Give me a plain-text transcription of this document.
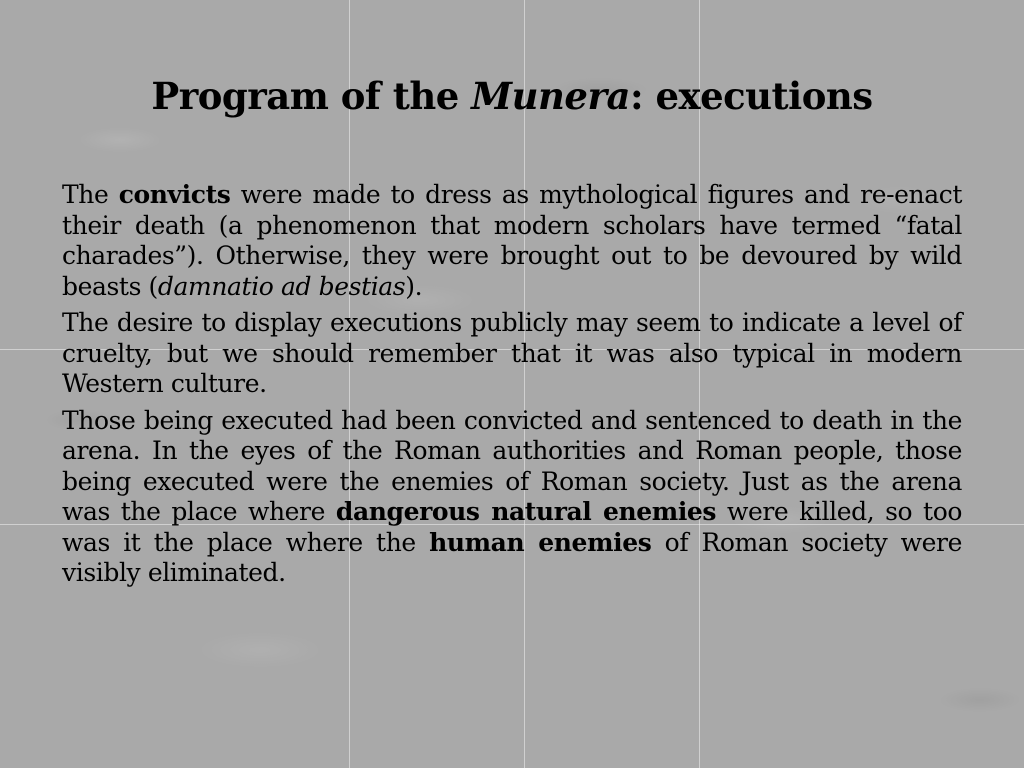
Program of the Munera: executions

The convicts were made to dress as mythological figures and re-enact their death (a phenomenon that modern scholars have termed “fatal charades”). Otherwise, they were brought out to be devoured by wild beasts (damnatio ad bestias).

The desire to display executions publicly may seem to indicate a level of cruelty, but we should remember that it was also typical in modern Western culture.

Those being executed had been convicted and sentenced to death in the arena. In the eyes of the Roman authorities and Roman people, those being executed were the enemies of Roman society. Just as the arena was the place where dangerous natural enemies were killed, so too was it the place where the human enemies of Roman society were visibly eliminated.
